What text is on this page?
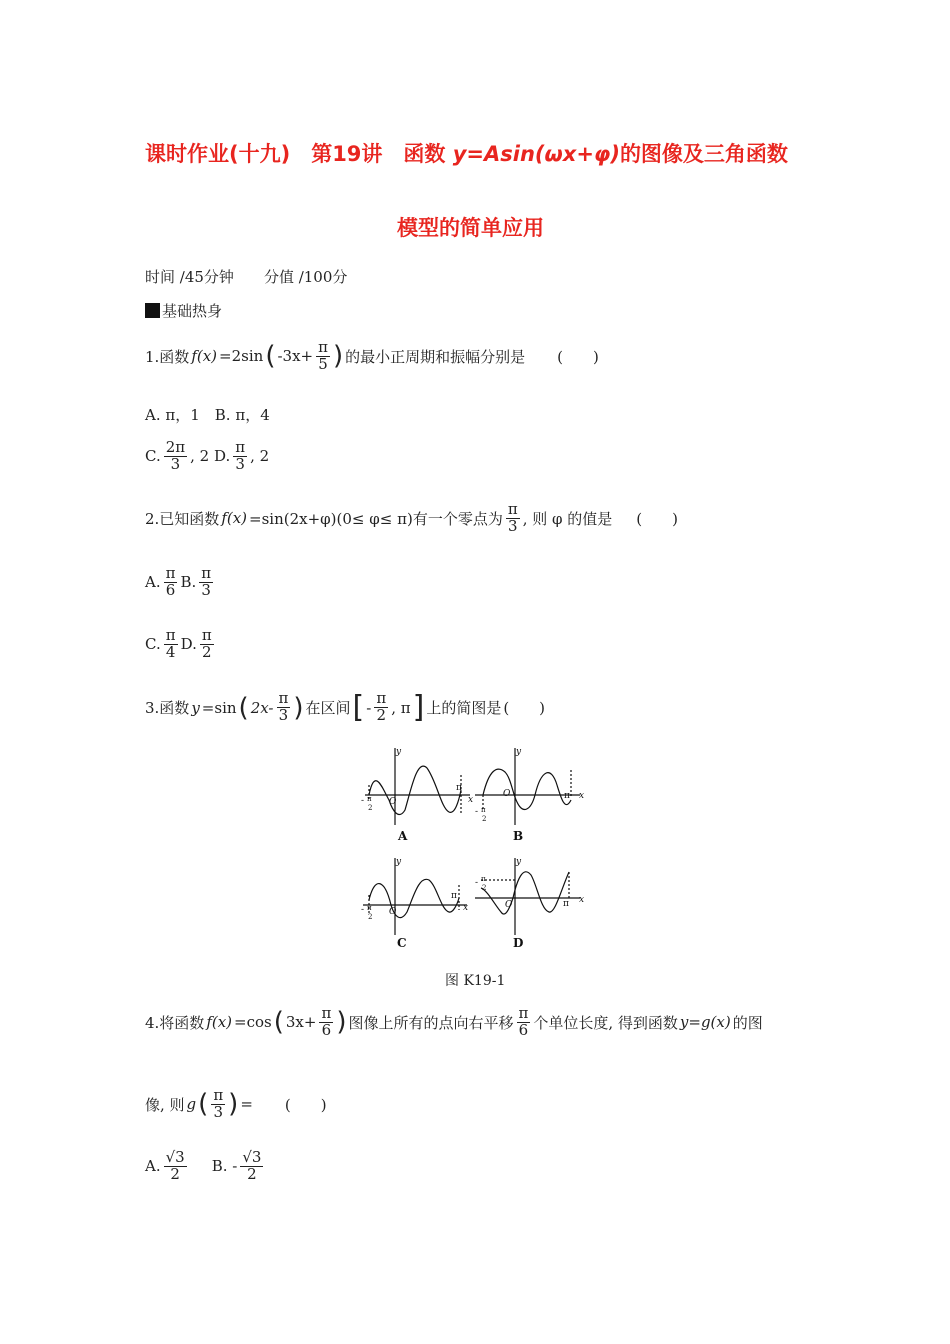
课时作业(十九)　第19讲　函数 y=Asin(ωx+φ)的图像及三角函数
模型的简单应用
时间 ∕45分钟　　 分值 ∕100分
基础热身
1.函数 f(x) =2sin ( $-3x+ \frac{\pi}{5}$ ) 的最小正周期和振幅分别是 (　　)
A. π，1　B. π，4
C. $\frac{2\pi}{3}$ , 2 D. $\frac{\pi}{3}$ , 2
2.已知函数 f(x) =sin(2x+φ)(0≤ φ≤ π)有一个零点为 $\frac{\pi}{3}$ , 则 φ 的值是 (　　)
A. $\frac{\pi}{6} B$. $\frac{\pi}{3}$
C. $\frac{\pi}{4} D$. $\frac{\pi}{2}$
3.函数 y =sin ( $2x- \frac{\pi}{3}$ ) 在区间 [ - $\frac{\pi}{2}$ , π ] 上的简图是 (　　)
y
x
O
π
- π
2
A
y
x
O	π
- π
2
B
y
x
O
π
- π
2
C
y
x
O	π
- π
2
D
图 K19-1
4.将函数 f(x) =cos ( $3x+ \frac{\pi}{6}$ ) 图像上所有的点向右平移 $\frac{\pi}{6}$ 个单位长度, 得到函数 y=g(x) 的图
像, 则 g ( $\frac{\pi}{3}$ ) = (　　)
A. $\frac{√3}{2} B$. - $\frac{√3}{2}$
